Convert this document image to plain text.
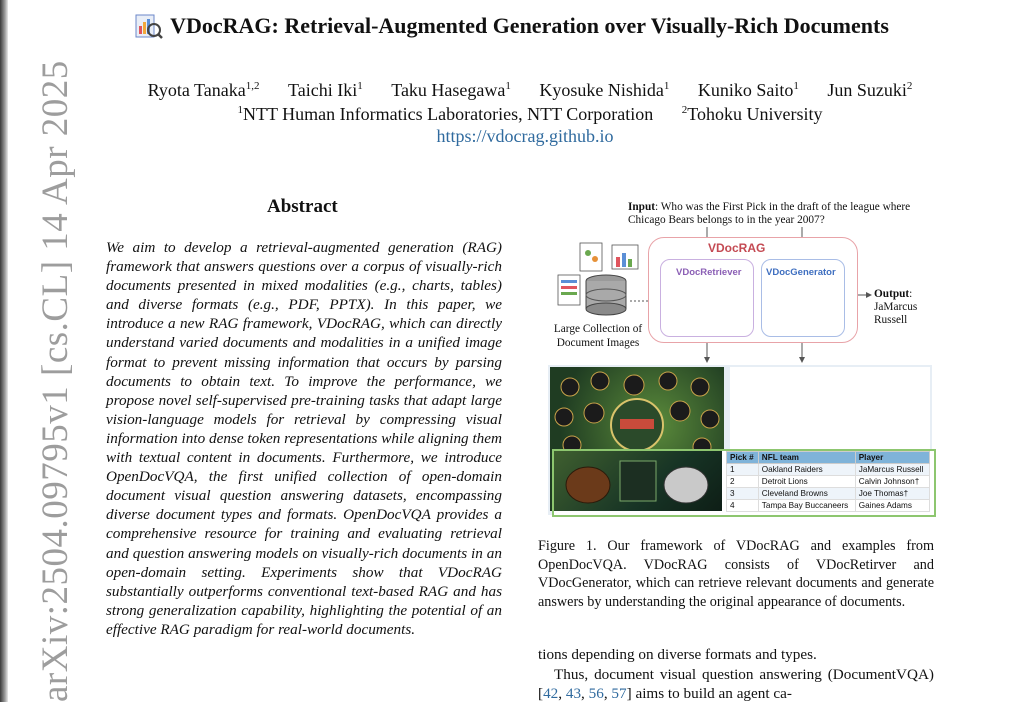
arXiv:2504.09795v1 [cs.CL] 14 Apr 2025
VDocRAG: Retrieval-Augmented Generation over Visually-Rich Documents
Ryota Tanaka$^{1,2}$ Taichi Iki$^1$ Taku Hasegawa$^1$ Kyosuke Nishida$^1$ Kuniko Saito$^1$ Jun Suzuki$^2$
$^1$NTT Human Informatics Laboratories, NTT Corporation	$^2$Tohoku University
https://vdocrag.github.io
Abstract
We aim to develop a retrieval-augmented generation (RAG) framework that answers questions over a corpus of visually-rich documents presented in mixed modalities (e.g., charts, tables) and diverse formats (e.g., PDF, PPTX). In this paper, we introduce a new RAG framework, VDocRAG, which can directly understand varied documents and modalities in a unified image format to prevent missing information that occurs by parsing documents to obtain text. To improve the performance, we propose novel self-supervised pre-training tasks that adapt large vision-language models for retrieval by compressing visual information into dense token representations while aligning them with textual content in documents. Furthermore, we introduce OpenDocVQA, the first unified collection of open-domain document visual question answering datasets, encompassing diverse document types and formats. OpenDocVQA provides a comprehensive resource for training and evaluating retrieval and question answering models on visually-rich documents in an open-domain setting. Experiments show that VDocRAG substantially outperforms conventional text-based RAG and has strong generalization capability, highlighting the potential of an effective RAG paradigm for real-world documents.
Input: Who was the First Pick in the draft of the league where Chicago Bears belongs to in the year 2007?
VDocRAG
VDocRetriever	VDocGenerator
Output: JaMarcus Russell
Large Collection of Document Images

Pick #	NFL team	Player
1	Oakland Raiders	JaMarcus Russell
2	Detroit Lions	Calvin Johnson†
3	Cleveland Browns	Joe Thomas†
4	Tampa Bay Buccaneers	Gaines Adams
Figure 1. Our framework of VDocRAG and examples from OpenDocVQA. VDocRAG consists of VDocRetirver and VDocGenerator, which can retrieve relevant documents and generate answers by understanding the original appearance of documents.
tions depending on diverse formats and types.
Thus, document visual question answering (DocumentVQA) [42, 43, 56, 57] aims to build an agent ca-
